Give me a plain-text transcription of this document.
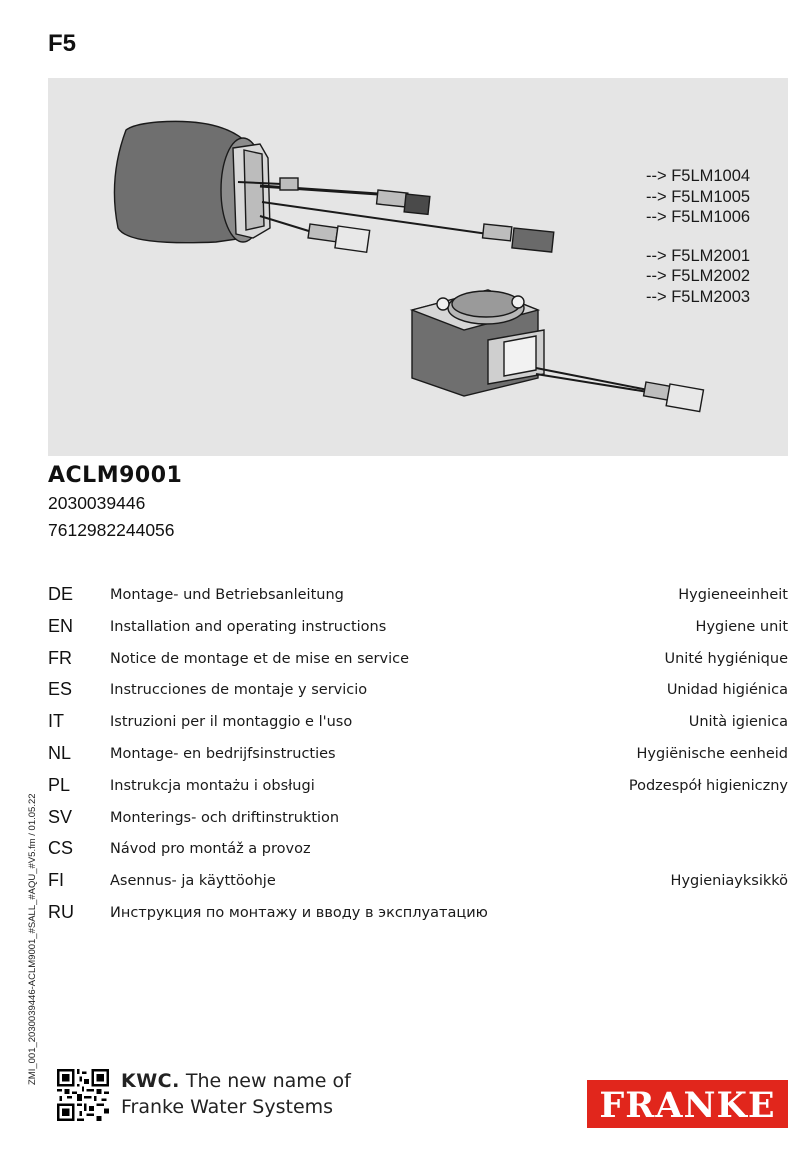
F5
--> F5LM1004
--> F5LM1005
--> F5LM1006
--> F5LM2001
--> F5LM2002
--> F5LM2003
ACLM9001
2030039446
7612982244056
DE	Montage- und Betriebsanleitung	Hygieneeinheit
EN	Installation and operating instructions	Hygiene unit
FR	Notice de montage et de mise en service	Unité hygiénique
ES	Instrucciones de montaje y servicio	Unidad higiénica
IT	Istruzioni per il montaggio e l'uso	Unità igienica
NL	Montage- en bedrijfsinstructies	Hygiënische eenheid
PL	Instrukcja montażu i obsługi	Podzespół higieniczny
SV	Monterings- och driftinstruktion
CS	Návod pro montáž a provoz
FI	Asennus- ja käyttöohje	Hygieniayksikkö
RU Инструкция по монтажу и вводу в эксплуатацию
ZMI_001_2030039446-ACLM9001_#SALL_#AQU_#V5.fm / 01.05.22	KWC. The new name of
Franke Water Systems	FRANKE
